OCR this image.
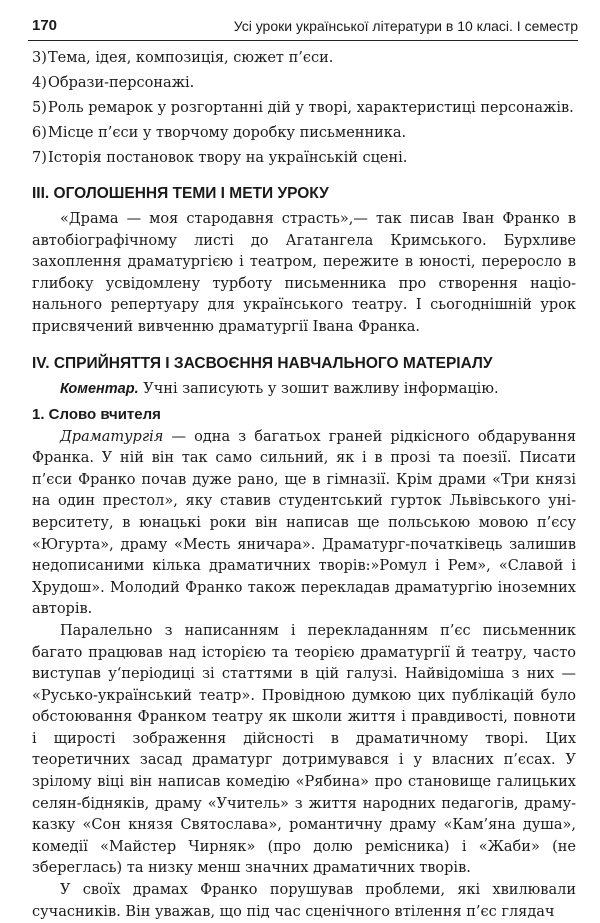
170	Усі уроки української літератури в 10 класі. І семестр
3) Тема, ідея, композиція, сюжет п’єси.
4) Образи-персонажі.
5) Роль ремарок у розгортанні дій у творі, характеристиці персонажів.
6) Місце п’єси у творчому доробку письменника.
7) Історія постановок твору на українській сцені.
ІІІ. ОГОЛОШЕННЯ ТЕМИ І МЕТИ УРОКУ

«Драма — моя стародавня страсть»,— так писав Іван Франко в автобіографічному листі до Агатангела Кримського. Бурхливе захоплення драматургією і театром, пережите в юності, переросло в глибоку усвідомлену турботу письменника про створення національного репертуару для українського театру. І сьогоднішній урок присвячений вивченню драматургії Івана Франка.

IV. СПРИЙНЯТТЯ І ЗАСВОЄННЯ НАВЧАЛЬНОГО МАТЕРІАЛУ
Коментар. Учні записують у зошит важливу інформацію.
1. Слово вчителя

Драматургія — одна з багатьох граней рідкісного обдарування Франка. У ній він так само сильний, як і в прозі та поезії. Писати п’єси Франко почав дуже рано, ще в гімназії. Крім драми «Три князі на один престол», яку ставив студентський гурток Львівського університету, в юнацькі роки він написав ще польською мовою п’єсу «Югурта», драму «Месть яничара». Драматург-початківець залишив недописаними кілька драматичних творів:»Ромул і Рем», «Славой і Хрудош». Молодий Франко також перекладав драматургію іноземних авторів.

Паралельно з написанням і перекладанням п’єс письменник багато працював над історією та теорією драматургії й театру, часто виступав у‘періодиці зі статтями в цій галузі. Найвідоміша з них — «Русько-український театр». Провідною думкою цих публікацій було обстоювання Франком театру як школи життя і правдивості, повноти і щирості зображення дійсності в драматичному творі. Цих теоретичних засад драматург дотримувався і у власних п’єсах. У зрілому віці він написав комедію «Рябина» про становище галицьких селян-бідняків, драму «Учитель» з життя народних педагогів, драму-казку «Сон князя Святослава», романтичну драму «Кам’яна душа», комедії «Майстер Чирняк» (про долю ремісника) і «Жаби» (не збереглась) та низку менш значних драматичних творів.

У своїх драмах Франко порушував проблеми, які хвилювали сучасників. Він уважав, що під час сценічного втілення п’єс глядач
